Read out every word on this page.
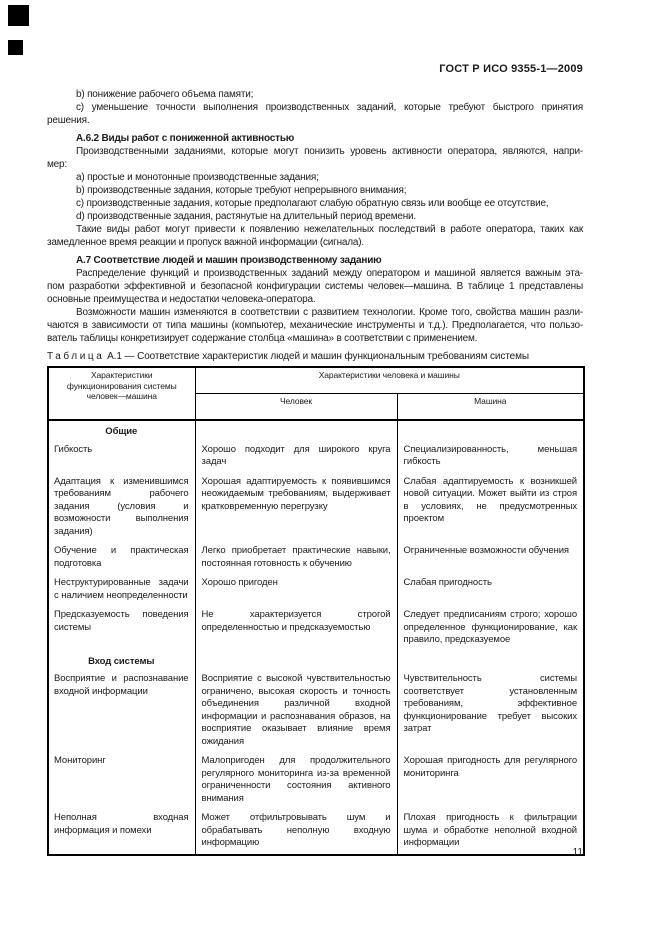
ГОСТ Р ИСО 9355-1—2009
b) понижение рабочего объема памяти;
c) уменьшение точности выполнения производственных заданий, которые требуют быстрого принятия
решения.
А.6.2 Виды работ с пониженной активностью
Производственными заданиями, которые могут понизить уровень активности оператора, являются, напри-
мер:
a) простые и монотонные производственные задания;
b) производственные задания, которые требуют непрерывного внимания;
c) производственные задания, которые предполагают слабую обратную связь или вообще ее отсутствие,
d) производственные задания, растянутые на длительный период времени.
Такие виды работ могут привести к появлению нежелательных последствий в работе оператора, таких как
замедленное время реакции и пропуск важной информации (сигнала).
А.7 Соответствие людей и машин производственному заданию
Распределение функций и производственных заданий между оператором и машиной является важным эта-
пом разработки эффективной и безопасной конфигурации системы человек—машина. В таблице 1 представлены
основные преимущества и недостатки человека-оператора.
Возможности машин изменяются в соответствии с развитием технологии. Кроме того, свойства машин разли-
чаются в зависимости от типа машины (компьютер, механические инструменты и т.д.). Предполагается, что пользо-
ватель таблицы конкретизирует содержание столбца «машина» в соответствии с применением.
Таблица А.1 — Соответствие характеристик людей и машин функциональным требованиям системы
Характеристики функционирования системы человек—машина	Характеристики человека и машины	
	Человек	Машина
Общие		
Гибкость	Хорошо подходит для широкого круга задач	Специализированность, меньшая гибкость
Адаптация к изменившимся требованиям рабочего задания (условия и возможности выполнения задания)	Хорошая адаптируемость к появившимся неожидаемым требованиям, выдерживает кратковременную перегрузку	Слабая адаптируемость к возникшей новой ситуации. Может выйти из строя в условиях, не предусмотренных проектом
Обучение и практическая подготовка	Легко приобретает практические навыки, постоянная готовность к обучению	Ограниченные возможности обучения
Неструктурированные задачи с наличием неопределенности	Хорошо пригоден	Слабая пригодность
Предсказуемость поведения системы	Не характеризуется строгой определенностью и предсказуемостью	Следует предписаниям строго; хорошо определенное функционирование, как правило, предсказуемое
Вход системы		
Восприятие и распознавание входной информации	Восприятие с высокой чувствительностью ограничено, высокая скорость и точность объединения различной входной информации и распознавания образов, на восприятие оказывает влияние время ожидания	Чувствительность системы соответствует установленным требованиям, эффективное функционирование требует высоких затрат
Мониторинг	Малопригоден для продолжительного регулярного мониторинга из-за временной ограниченности состояния активного внимания	Хорошая пригодность для регулярного мониторинга
Неполная входная информация и помехи	Может отфильтровывать шум и обрабатывать неполную входную информацию	Плохая пригодность к фильтрации шума и обработке неполной входной информации
11
